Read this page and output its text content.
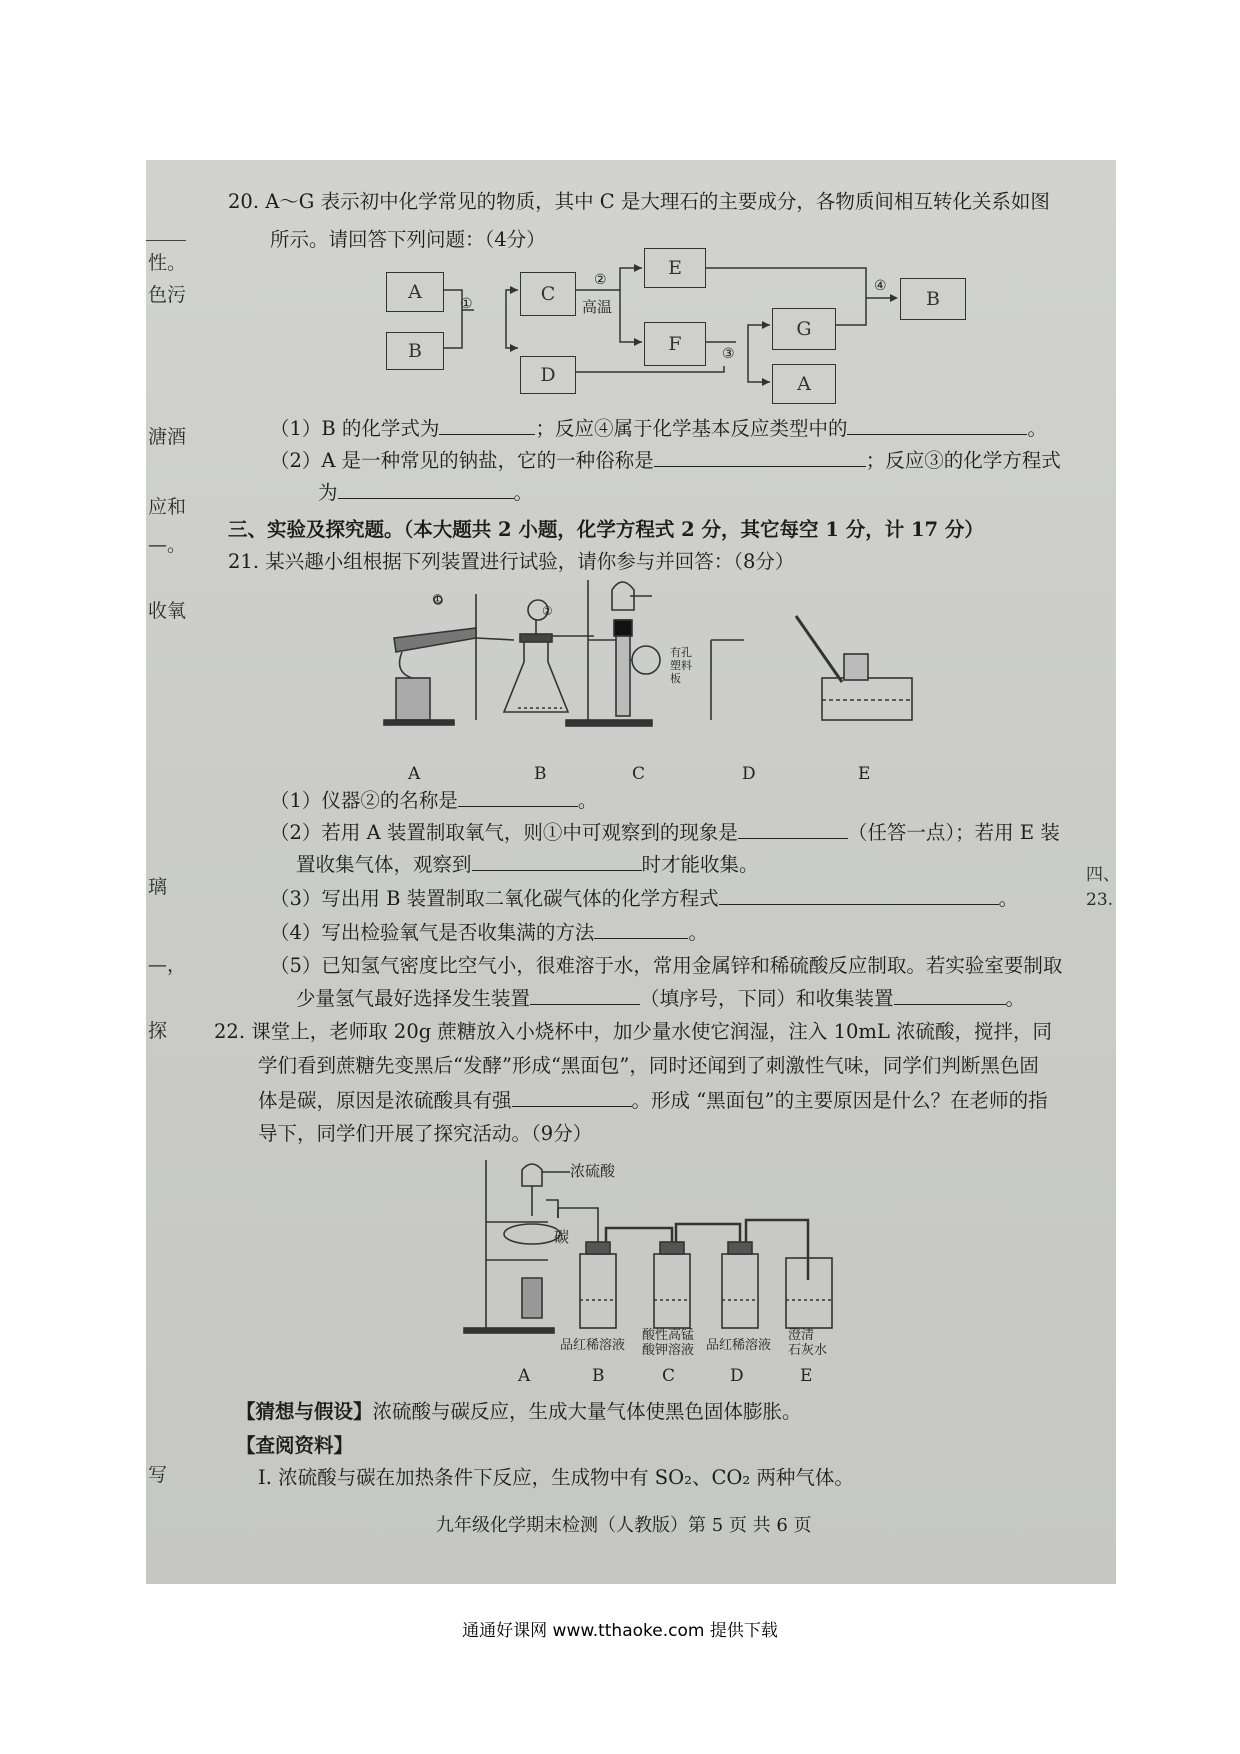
性。
色污
溏酒
应和
—。
收氧
璃
—，
探
写
四、
23.
20. A～G 表示初中化学常见的物质，其中 C 是大理石的主要成分，各物质间相互转化关系如图
所示。请回答下列问题：（4分）
A
B
C
D
E
F
G
A
B
①
②
高温
③
④
（1）B 的化学式为	；反应④属于化学基本反应类型中的	。
（2）A 是一种常见的钠盐，它的一种俗称是	；反应③的化学方程式
为	。
三、实验及探究题。（本大题共 2 小题，化学方程式 2 分，其它每空 1 分，计 17 分）
21. 某兴趣小组根据下列装置进行试验，请你参与并回答：（8分）
①
②
有孔
塑料
板
A	B	C	D	E
（1）仪器②的名称是	。
（2）若用 A 装置制取氧气，则①中可观察到的现象是	（任答一点）；若用 E 装
置收集气体，观察到	时才能收集。
（3）写出用 B 装置制取二氧化碳气体的化学方程式	。
（4）写出检验氧气是否收集满的方法	。
（5）已知氢气密度比空气小，很难溶于水，常用金属锌和稀硫酸反应制取。若实验室要制取
少量氢气最好选择发生装置	（填序号，下同）和收集装置	。
22. 课堂上，老师取 20g 蔗糖放入小烧杯中，加少量水使它润湿，注入 10mL 浓硫酸，搅拌，同
学们看到蔗糖先变黑后“发酵”形成“黑面包”，同时还闻到了刺激性气味，同学们判断黑色固
体是碳，原因是浓硫酸具有强	。形成 “黑面包”的主要原因是什么？在老师的指
导下，同学们开展了探究活动。（9分）
浓硫酸
碳
品红稀溶液
酸性高锰
酸钾溶液 品红稀溶液
澄清
石灰水
A	B	C	D	E
【猜想与假设】浓硫酸与碳反应，生成大量气体使黑色固体膨胀。
【查阅资料】
Ⅰ. 浓硫酸与碳在加热条件下反应，生成物中有 SO₂、CO₂ 两种气体。
九年级化学期末检测（人教版）第 5 页 共 6 页
通通好课网 www.tthaoke.com 提供下载
